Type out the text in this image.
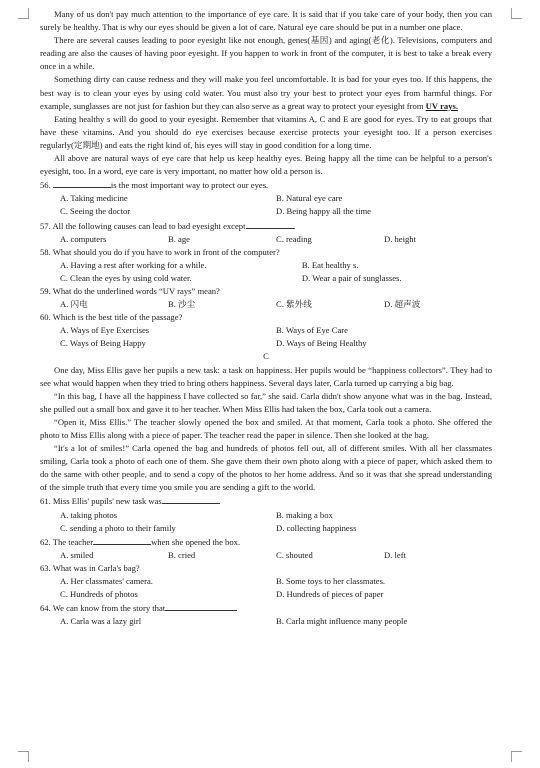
Many of us don't pay much attention to the importance of eye care. It is said that if you take care of your body, then you can surely be healthy. That is why our eyes should be given a lot of care. Natural eye care should be put in a number one place.

There are several causes leading to poor eyesight like not enough, genes(基因) and aging(老化). Televisions, computers and reading are also the causes of having poor eyesight. If you happen to work in front of the computer, it is best to take a break every once in a while.

Something dirty can cause redness and they will make you feel uncomfortable. It is bad for your eyes too. If this happens, the best way is to clean your eyes by using cold water. You must also try your best to protect your eyes from harmful things. For example, sunglasses are not just for fashion but they can also serve as a great way to protect your eyesight from UV rays.

Eating healthy s will do good to your eyesight. Remember that vitamins A, C and E are good for eyes. Try to eat groups that have these vitamins. And you should do eye exercises because exercise protects your eyesight too. If a person exercises regularly(定期地) and eats the right kind of, his eyes will stay in good condition for a long time.

All above are natural ways of eye care that help us keep healthy eyes. Being happy all the time can be helpful to a person's eyesight, too. In a word, eye care is very important, no matter how old a person is.

56.	is the most important way to protect our eyes.
A. Taking medicine	B. Natural eye care
C. Seeing the doctor	D. Being happy all the time
57. All the following causes can lead to bad eyesight except	.
A. computers	B. age	C. reading	D. height
58. What should you do if you have to work in front of the computer?
A. Having a rest after working for a while.	B. Eat healthy s.
C. Clean the eyes by using cold water.	D. Wear a pair of sunglasses.
59. What do the underlined words “UV rays” mean?
A. 闪电	B. 沙尘	C. 紫外线	D. 超声波
60. Which is the best title of the passage?
A. Ways of Eye Exercises	B. Ways of Eye Care
C. Ways of Being Happy	D. Ways of Being Healthy
C

One day, Miss Ellis gave her pupils a new task: a task on happiness. Her pupils would be “happiness collectors”. They had to see what would happen when they tried to bring others happiness. Several days later, Carla turned up carrying a big bag.

“In this bag, I have all the happiness I have collected so far,” she said. Carla didn't show anyone what was in the bag. Instead, she pulled out a small box and gave it to her teacher. When Miss Ellis had taken the box, Carla took out a camera.

“Open it, Miss Ellis.” The teacher slowly opened the box and smiled. At that moment, Carla took a photo. She offered the photo to Miss Ellis along with a piece of paper. The teacher read the paper in silence. Then she looked at the bag.

“It's a lot of smiles!” Carla opened the bag and hundreds of photos fell out, all of different smiles. With all her classmates smiling, Carla took a photo of each one of them. She gave them their own photo along with a piece of paper, which asked them to do the same with other people, and to send a copy of the photos to her home address. And so it was that she spread understanding of the simple truth that every time you smile you are sending a gift to the world.

61. Miss Ellis' pupils' new task was
A. taking photos	B. making a box
C. sending a photo to their family	D. collecting happiness
62. The teacher	when she opened the box.
A. smiled	B. cried	C. shouted	D. left
63. What was in Carla's bag?
A. Her classmates' camera.	B. Some toys to her classmates.
C. Hundreds of photos	D. Hundreds of pieces of paper
64. We can know from the story that
A. Carla was a lazy girl	B. Carla might influence many people
